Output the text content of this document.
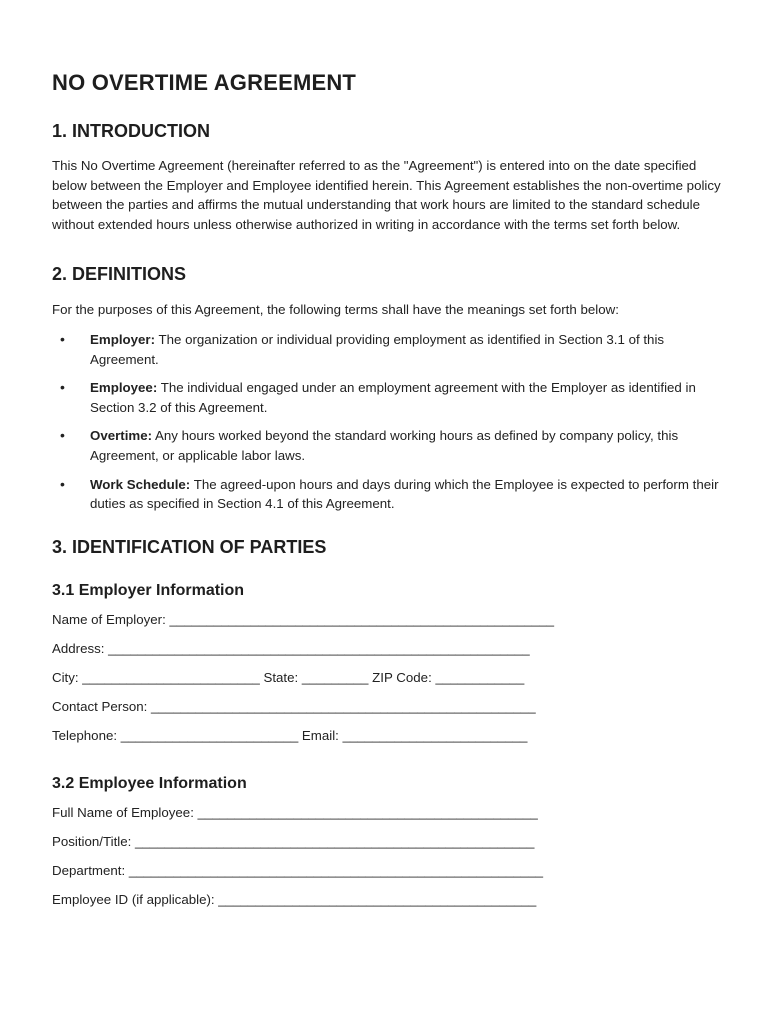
NO OVERTIME AGREEMENT
1. INTRODUCTION

This No Overtime Agreement (hereinafter referred to as the "Agreement") is entered into on the date specified below between the Employer and Employee identified herein. This Agreement establishes the non-overtime policy between the parties and affirms the mutual understanding that work hours are limited to the standard schedule without extended hours unless otherwise authorized in writing in accordance with the terms set forth below.

2. DEFINITIONS

For the purposes of this Agreement, the following terms shall have the meanings set forth below:

• Employer: The organization or individual providing employment as identified in Section 3.1 of this Agreement.
• Employee: The individual engaged under an employment agreement with the Employer as identified in Section 3.2 of this Agreement.
• Overtime: Any hours worked beyond the standard working hours as defined by company policy, this Agreement, or applicable labor laws.
• Work Schedule: The agreed-upon hours and days during which the Employee is expected to perform their duties as specified in Section 4.1 of this Agreement.
3. IDENTIFICATION OF PARTIES
3.1 Employer Information
Name of Employer: ____________________________________________________
Address: _________________________________________________________
City: ________________________ State: _________ ZIP Code: ____________
Contact Person: ____________________________________________________
Telephone: ________________________ Email: _________________________
3.2 Employee Information
Full Name of Employee: ______________________________________________
Position/Title: ______________________________________________________
Department: ________________________________________________________
Employee ID (if applicable): ___________________________________________
